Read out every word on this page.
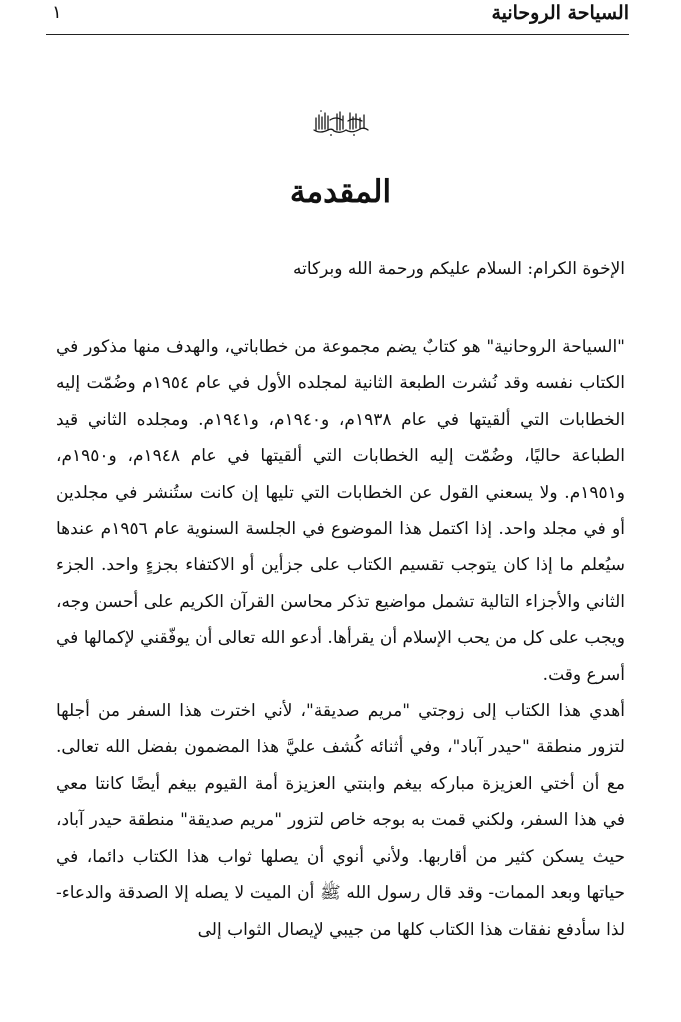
السياحة الروحانية
١
المقدمة
الإخوة الكرام: السلام عليكم ورحمة الله وبركاته

"السياحة الروحانية" هو كتابٌ يضم مجموعة من خطاباتي، والهدف منها مذكور في الكتاب نفسه وقد نُشرت الطبعة الثانية لمجلده الأول في عام ١٩٥٤م وضُمّت إليه الخطابات التي ألقيتها في عام ١٩٣٨م، و١٩٤٠م، و١٩٤١م. ومجلده الثاني قيد الطباعة حاليًا، وضُمّت إليه الخطابات التي ألقيتها في عام ١٩٤٨م، و١٩٥٠م، و١٩٥١م. ولا يسعني القول عن الخطابات التي تليها إن كانت ستُنشر في مجلدين أو في مجلد واحد. إذا اكتمل هذا الموضوع في الجلسة السنوية عام ١٩٥٦م عندها سيُعلم ما إذا كان يتوجب تقسيم الكتاب على جزأين أو الاكتفاء بجزءٍ واحد. الجزء الثاني والأجزاء التالية تشمل مواضيع تذكر محاسن القرآن الكريم على أحسن وجه، ويجب على كل من يحب الإسلام أن يقرأها. أدعو الله تعالى أن يوفّقني لإكمالها في أسرع وقت.

أهدي هذا الكتاب إلى زوجتي "مريم صديقة"، لأني اخترت هذا السفر من أجلها لتزور منطقة "حيدر آباد"، وفي أثنائه كُشف عليَّ هذا المضمون بفضل الله تعالى. مع أن أختي العزيزة مباركه بيغم وابنتي العزيزة أمة القيوم بيغم أيضًا كانتا معي في هذا السفر، ولكني قمت به بوجه خاص لتزور "مريم صديقة" منطقة حيدر آباد، حيث يسكن كثير من أقاربها. ولأني أنوي أن يصلها ثواب هذا الكتاب دائما، في حياتها وبعد الممات- وقد قال رسول الله ﷺ أن الميت لا يصله إلا الصدقة والدعاء- لذا سأدفع نفقات هذا الكتاب كلها من جيبي لإيصال الثواب إلى
